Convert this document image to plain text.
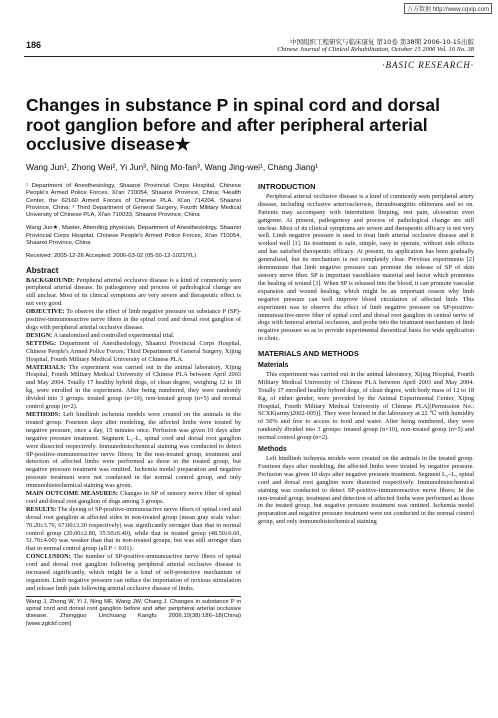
万方数据 http://www.cqvip.com
186	中国组织工程研究与临床康复 第10卷 第38期 2006-10-15出版
Chinese Journal of Clinical Rehabilitation, October 15 2006 Vol. 10 No. 38
·BASIC RESEARCH·
Changes in substance P in spinal cord and dorsal root ganglion before and after peripheral arterial occlusive disease★
Wang Jun¹, Zhong Wei², Yi Jun³, Ning Mo-fan³, Wang Jing-wei¹, Chang Jiang¹
¹ Department of Anesthesiology, Shaanxi Provincial Corps Hospital, Chinese People's Armed Police Forces, Xi'an 710054, Shaanxi Province, China; ²Health Center, the 62160 Armed Forces of Chinese PLA, Xi'an 714204, Shaanxi Province, China; ³ Third Department of General Surgery, Fourth Military Medical University of Chinese PLA, Xi'an 710033, Shaanxi Province, China
Wang Jun★, Master, Attending physician, Department of Anesthesiology, Shaanxi Provincial Corps Hospital, Chinese People's Armed Police Forces, Xi'an 710054, Shaanxi Province, China
Received: 2005-12-26 Accepted: 2006-03-02 (05-50-12-1021/YL)
Abstract

BACKGROUND: Peripheral arterial occlusive disease is a kind of commonly seen peripheral arterial disease. Its pathogenesy and process of pathological change are still unclear. Most of its clinical symptoms are very severe and therapeutic effect is not very good.

OBJECTIVE: To observe the effect of limb negative pressure on substance P (SP)-positive-immunoreactive nerve fibers in the spinal cord and dorsal root ganglion of dogs with peripheral arterial occlusive disease.

DESIGN: A randomized and controlled experimental trial.

SETTING: Department of Anesthesiology, Shaanxi Provincial Corps Hospital, Chinese People's Armed Police Forces; Third Department of General Surgery, Xijing Hospital, Fourth Military Medical University of Chinese PLA.

MATERIALS: The experiment was carried out in the animal laboratory, Xijing Hospital, Fourth Military Medical University of Chinese PLA between April 2003 and May 2004. Totally 17 healthy hybrid dogs, of clean degree, weighing 12 to 18 kg, were enrolled in the experiment. After being numbered, they were randomly divided into 3 groups: treated group (n=10), non-treated group (n=5) and normal control group (n=2).

METHODS: Left hindlimb ischemia models were created on the animals in the treated group. Fourteen days after modeling, the affected limbs were treated by negative pressure, once a day, 15 minutes once. Perfusion was given 10 days after negative pressure treatment. Segment L₃–L₅ spinal cord and dorsal root ganglion were dissected respectively. Immunohistochemical staining was conducted to detect SP-positive-immunoreactive nerve fibers; In the non-treated group, treatment and detection of affected limbs were performed as those in the treated group, but negative pressure treatment was omitted. Ischemia model preparation and negative pressure treatment were not conducted in the normal control group, and only immunohistochemical staining was given.

MAIN OUTCOME MEASURES: Changes in SP of sensory nerve fiber of spinal cord and dorsal root ganglion of dogs among 3 groups.

RESULTS: The dyeing of SP-positive-immunoactive nerve fibers of spinal cord and dorsal root ganglion at affected sides in non-treated group (mean gray scale value: 70.20±3.70, 67.00±3.30 respectively) was significantly stronger than that in normal control group (20.00±2.80, 35.50±6.40), while that in treated group (48.50±6.60, 51.70±4.00) was weaker than that in non-treated groups, but was still stronger than that in normal control group (all P < 0.01).

CONCLUSION: The number of SP-positive-immunoactive nerve fibers of spinal cord and dorsal root ganglion following peripheral arterial occlusive disease is increased significantly, which might be a kind of self-protective mechanism of organism. Limb negative pressure can reduce the importation of noxious stimulation and release limb pain following arterial occlusive disease of limbs.

Wang J, Zhong W, Yi J, Ning MF, Wang JW, Chang J. Changes in substance P in spinal cord and dorsal root ganglion before and after peripheral arterial occlusive disease. Zhongguo Linchuang Kangfu 2006;10(38):186–18(China) [www.zglckf.com]
INTRODUCTION

Peripheral arterial occlusive disease is a kind of commonly seen peripheral artery disease, including occlusive arteriosclerosis, thromboangiitis obliterans and so on. Patients may accompany with intermittent limping, rest pain, ulceration even gangrene. At present, pathogenesy and process of pathological change are still unclear. Most of its clinical symptoms are severe and therapeutic efficacy is not very well. Limb negative pressure is used to treat limb arterial occlusive disease and it worked well [1]. Its treatment is safe, simple, easy to operate, without side effects and has satisfied therapeutic efficacy. At present, its application has been gradually generalized, but its mechanism is not completely clear. Previous experiments [2] demonstrate that limb negative pressure can promote the release of SP of skin sensory nerve fiber. SP is important vasodilator material and factor which promotes the healing of wound [3]. When SP is released into the blood, it can promote vascular expansion and wound healing, which might be an important reason why limb negative pressure can well improve blood circulation of affected limb. This experiment was to observe the effect of limb negative pressure on SP-positive-immunoactive-nerve fiber of spinal cord and dorsal root ganglion in central nerve of dogs with femoral arterial occlusion, and probe into the treatment mechanism of limb negative pressure so as to provide experimental theoretical basis for wide application in clinic.

MATERIALS AND METHODS
Materials

This experiment was carried out in the animal laboratory, Xijing Hospital, Fourth Military Medical University of Chinese PLA between April 2003 and May 2004. Totally 17 enrolled healthy hybred dogs, of clean degree, with body mass of 12 to 18 Kg, of either gender, were provided by the Animal Experimental Center, Xijing Hospital, Fourth Military Medical University of Chinese PLA[(Permission No.: SCXK(army)2002-005)]. They were housed in the laboratory at 22 ℃ with humidity of 50% and free to access to food and water. After being numbered, they were randomly divided into 3 groups: treated group (n=10), non-treated group (n=5) and normal control group (n=2).

Methods

Left hindlimb ischemia models were created on the animals in the treated group. Fourteen days after modeling, the affected limbs were treated by negative pressure. Perfusion was given 10 days after negative pressure treatment. Segment L₃–L₅ spinal cord and dorsal root ganglion were dissected respectively. Immunohistochemical staining was conducted to detect SP-positive-immunoreactive nerve fibers; In the non-treated group, treatment and detection of affected limbs were performed as those in the treated group, but negative pressure treatment was omitted. Ischemia model preparation and negative pressure treatment were not conducted in the normal control group, and only immunohistochemical staining
